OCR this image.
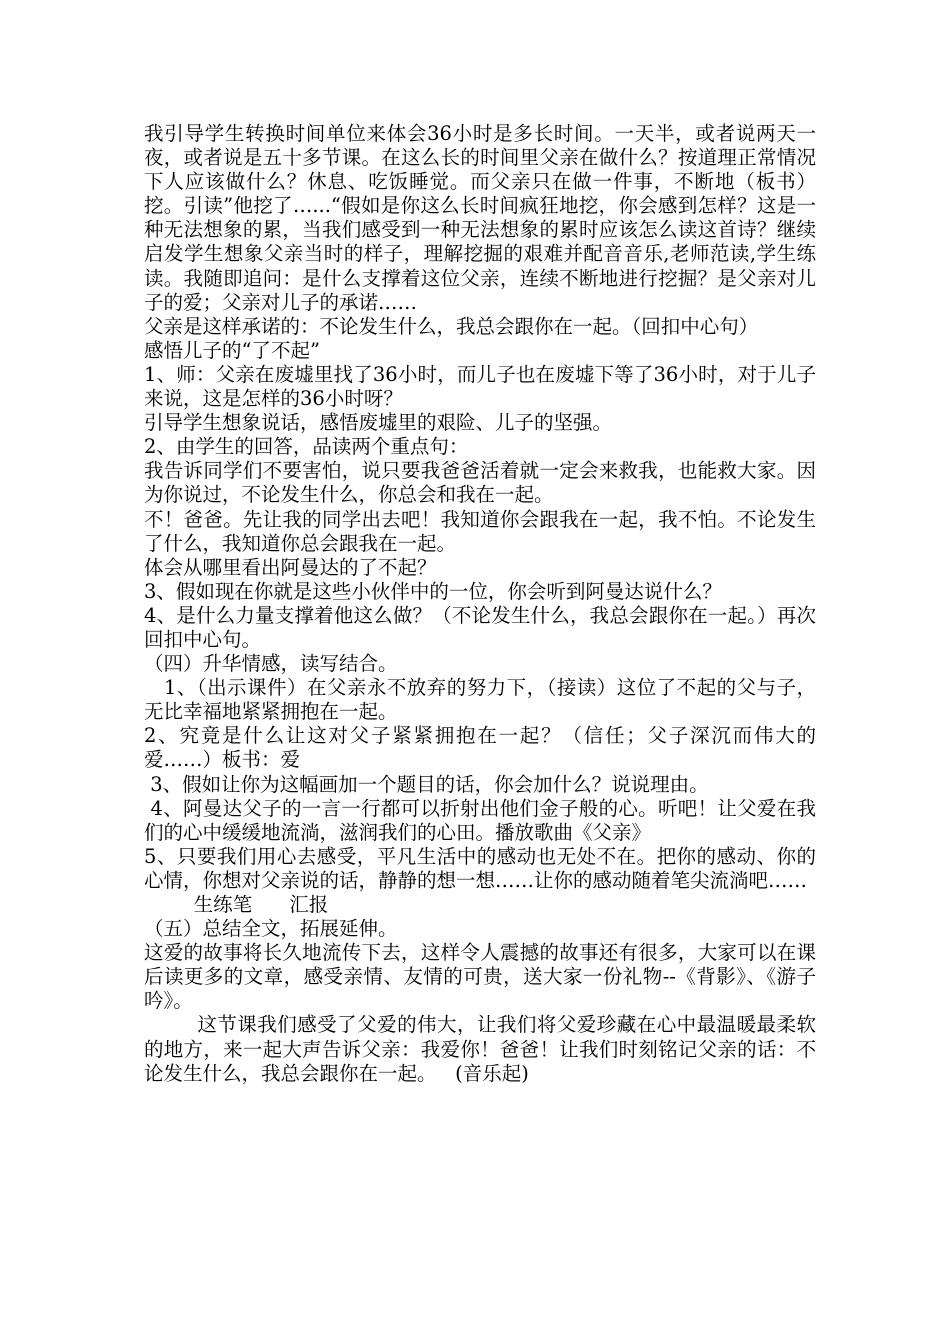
我引导学生转换时间单位来体会36小时是多长时间。一天半，或者说两天一夜，或者说是五十多节课。在这么长的时间里父亲在做什么？按道理正常情况下人应该做什么？休息、吃饭睡觉。而父亲只在做一件事，不断地（板书）挖。引读”他挖了…...“假如是你这么长时间疯狂地挖，你会感到怎样？这是一种无法想象的累，当我们感受到一种无法想象的累时应该怎么读这首诗？继续启发学生想象父亲当时的样子，理解挖掘的艰难并配音音乐,老师范读,学生练读。我随即追问：是什么支撑着这位父亲，连续不断地进行挖掘？是父亲对儿子的爱；父亲对儿子的承诺……

父亲是这样承诺的：不论发生什么，我总会跟你在一起。（回扣中心句）

感悟儿子的“了不起”

1、师：父亲在废墟里找了36小时，而儿子也在废墟下等了36小时，对于儿子来说，这是怎样的36小时呀？

引导学生想象说话，感悟废墟里的艰险、儿子的坚强。

2、由学生的回答，品读两个重点句：

我告诉同学们不要害怕，说只要我爸爸活着就一定会来救我，也能救大家。因为你说过，不论发生什么，你总会和我在一起。

不！爸爸。先让我的同学出去吧！我知道你会跟我在一起，我不怕。不论发生了什么，我知道你总会跟我在一起。

体会从哪里看出阿曼达的了不起？

3、假如现在你就是这些小伙伴中的一位，你会听到阿曼达说什么？

4、是什么力量支撑着他这么做？（不论发生什么，我总会跟你在一起。）再次回扣中心句。

（四）升华情感，读写结合。

1、（出示课件）在父亲永不放弃的努力下，（接读）这位了不起的父与子，无比幸福地紧紧拥抱在一起。

2、究竟是什么让这对父子紧紧拥抱在一起？（信任；父子深沉而伟大的爱……）板书：爱

3、假如让你为这幅画加一个题目的话，你会加什么？说说理由。

4、阿曼达父子的一言一行都可以折射出他们金子般的心。听吧！让父爱在我们的心中缓缓地流淌，滋润我们的心田。播放歌曲《父亲》

5、只要我们用心去感受，平凡生活中的感动也无处不在。把你的感动、你的心情，你想对父亲说的话，静静的想一想……让你的感动随着笔尖流淌吧……

生练笔      汇报

（五）总结全文，拓展延伸。

这爱的故事将长久地流传下去，这样令人震撼的故事还有很多，大家可以在课后读更多的文章，感受亲情、友情的可贵，送大家一份礼物--《背影》、《游子吟》。

这节课我们感受了父爱的伟大，让我们将父爱珍藏在心中最温暖最柔软的地方，来一起大声告诉父亲：我爱你！爸爸！让我们时刻铭记父亲的话：不论发生什么，我总会跟你在一起。   (音乐起)
